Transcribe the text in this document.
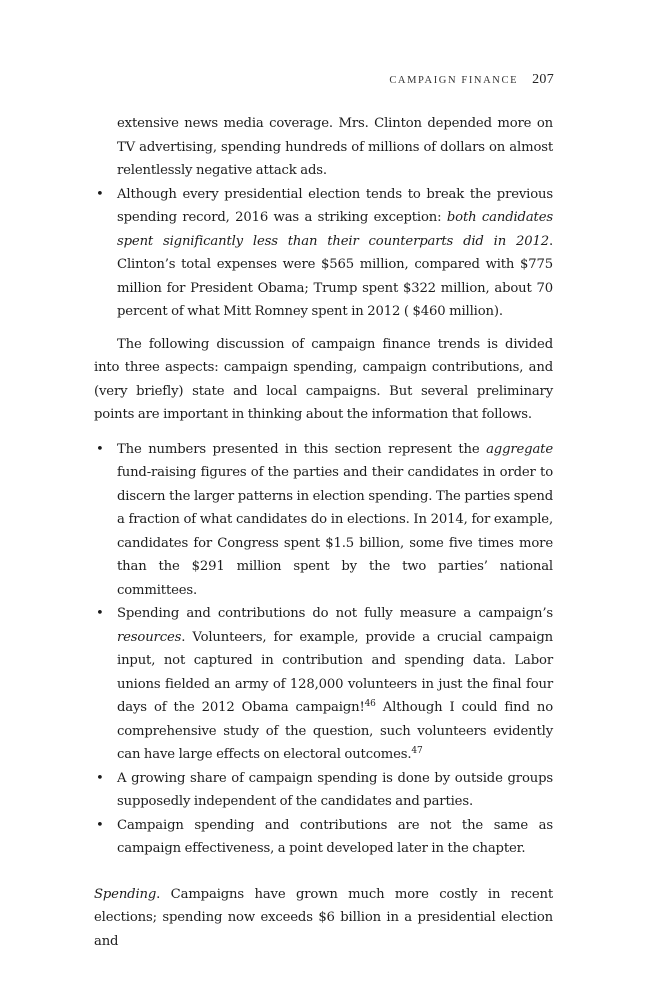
CAMPAIGN FINANCE 207

extensive news media coverage. Mrs. Clinton depended more on TV advertising, spending hundreds of millions of dollars on almost relentlessly negative attack ads.

•	Although every presidential election tends to break the previous spending record, 2016 was a striking exception: both candidates spent significantly less than their counterparts did in 2012. Clinton’s total expenses were $565 million, compared with $775 million for President Obama; Trump spent $322 million, about 70 percent of what Mitt Romney spent in 2012 ( $460 million).

The following discussion of campaign finance trends is divided into three aspects: campaign spending, campaign contributions, and (very briefly) state and local campaigns. But several preliminary points are important in thinking about the information that follows.

•	The numbers presented in this section represent the aggregate fund-raising figures of the parties and their candidates in order to discern the larger patterns in election spending. The parties spend a fraction of what candidates do in elections. In 2014, for example, candidates for Congress spent $1.5 billion, some five times more than the $291 million spent by the two parties’ national committees.
•	Spending and contributions do not fully measure a campaign’s resources. Volunteers, for example, provide a crucial campaign input, not captured in contribution and spending data. Labor unions fielded an army of 128,000 volunteers in just the final four days of the 2012 Obama campaign!$^{46}$ Although I could find no comprehensive study of the question, such volunteers evidently can have large effects on electoral outcomes.$^{47}$
•	A growing share of campaign spending is done by outside groups supposedly independent of the candidates and parties.
•	Campaign spending and contributions are not the same as campaign effectiveness, a point developed later in the chapter.

Spending. Campaigns have grown much more costly in recent elections; spending now exceeds $6 billion in a presidential election and
